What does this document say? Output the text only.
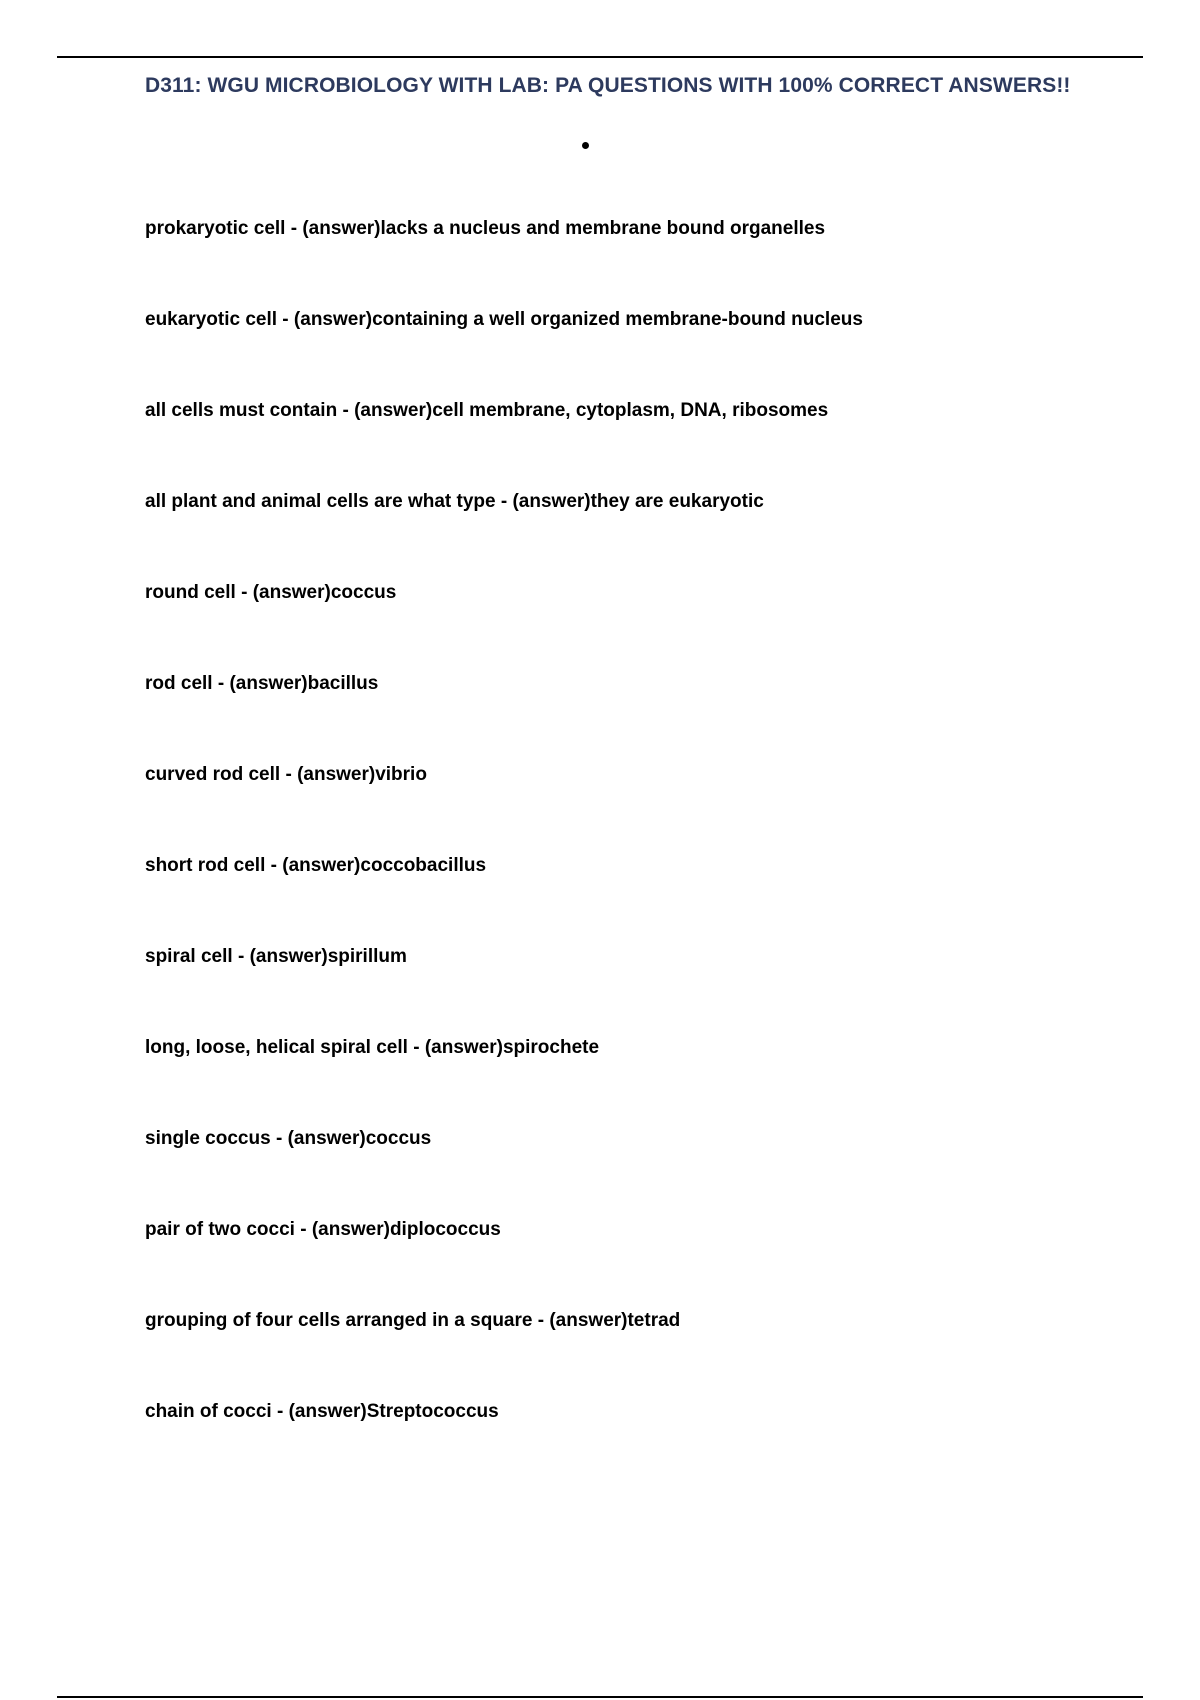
D311: WGU MICROBIOLOGY WITH LAB: PA QUESTIONS WITH 100% CORRECT ANSWERS!!
prokaryotic cell - (answer)lacks a nucleus and membrane bound organelles
eukaryotic cell - (answer)containing a well organized membrane-bound nucleus
all cells must contain - (answer)cell membrane, cytoplasm, DNA, ribosomes
all plant and animal cells are what type - (answer)they are eukaryotic
round cell - (answer)coccus
rod cell - (answer)bacillus
curved rod cell - (answer)vibrio
short rod cell - (answer)coccobacillus
spiral cell - (answer)spirillum
long, loose, helical spiral cell - (answer)spirochete
single coccus - (answer)coccus
pair of two cocci - (answer)diplococcus
grouping of four cells arranged in a square - (answer)tetrad
chain of cocci - (answer)Streptococcus
